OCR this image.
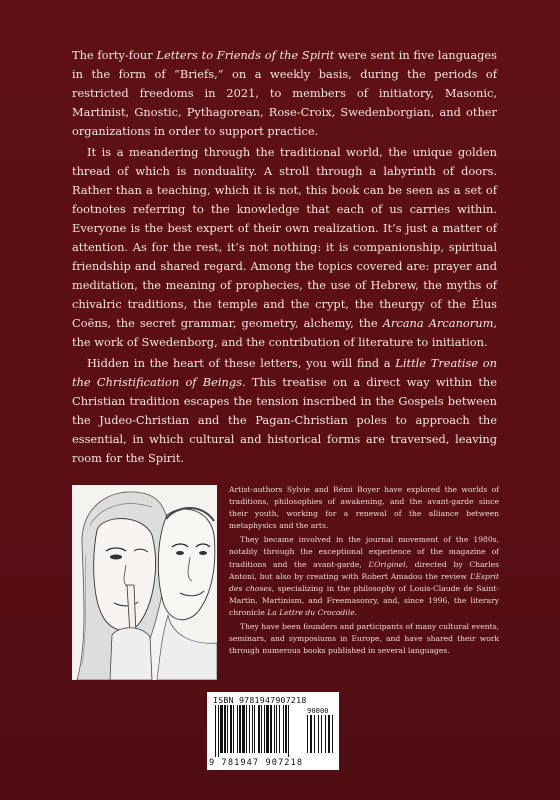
The forty-four Letters to Friends of the Spirit were sent in five languages in the form of “Briefs,” on a weekly basis, during the periods of restricted freedoms in 2021, to members of initiatory, Masonic, Martinist, Gnostic, Pythagorean, Rose-Croix, Swedenborgian, and other organizations in order to support practice.

It is a meandering through the traditional world, the unique golden thread of which is nonduality. A stroll through a labyrinth of doors. Rather than a teaching, which it is not, this book can be seen as a set of footnotes referring to the knowledge that each of us carries within. Everyone is the best expert of their own realization. It’s just a matter of attention. As for the rest, it’s not nothing: it is companionship, spiritual friendship and shared regard. Among the topics covered are: prayer and meditation, the meaning of prophecies, the use of Hebrew, the myths of chivalric traditions, the temple and the crypt, the theurgy of the Élus Coëns, the secret grammar, geometry, alchemy, the Arcana Arcanorum, the work of Swedenborg, and the contribution of literature to initiation.

Hidden in the heart of these letters, you will find a Little Treatise on the Christification of Beings. This treatise on a direct way within the Christian tradition escapes the tension inscribed in the Gospels between the Judeo-Christian and the Pagan-Christian poles to approach the essential, in which cultural and historical forms are traversed, leaving room for the Spirit.

Artist-authors Sylvie and Rémi Boyer have explored the worlds of traditions, philosophies of awakening, and the avant-garde since their youth, working for a renewal of the alliance between metaphysics and the arts.

They became involved in the journal movement of the 1980s, notably through the exceptional experience of the magazine of traditions and the avant-garde, L’Originel, directed by Charles Antoni, but also by creating with Robert Amadou the review L’Esprit des choses, specializing in the philosophy of Louis-Claude de Saint-Martin, Martinism, and Freemasonry, and, since 1996, the literary chronicle La Lettre du Crocodile.

They have been founders and participants of many cultural events, seminars, and symposiums in Europe, and have shared their work through numerous books published in several languages.

ISBN 9781947907218
90000
9 781947 907218
